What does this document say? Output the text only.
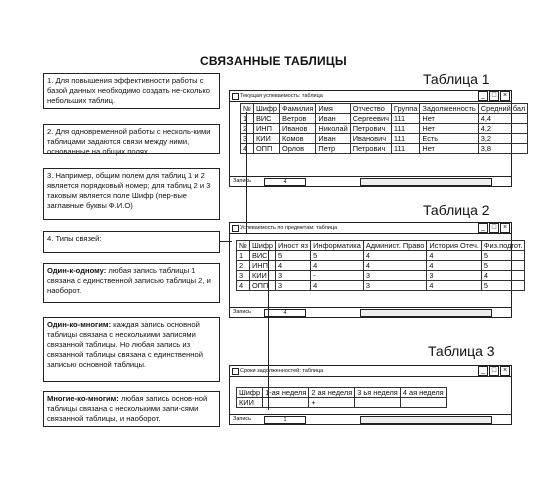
СВЯЗАННЫЕ ТАБЛИЦЫ
1. Для повышения эффективности работы с базой данных необходимо создать не-сколько небольших таблиц.
2. Для одновременной работы с несколь-кими таблицами задаются связи между ними, основанные на общих полях.
3. Например, общим полем для таблиц 1 и 2 является порядковый номер; для таблиц 2 и 3 таковым является поле Шифр (пер-вые заглавные буквы Ф.И.О)
4. Типы связей:
Один-к-одному: любая запись таблицы 1 связана с единственной записью таблицы 2, и наоборот.
Один-ко-многим: каждая запись основной таблицы связана с несколькими записями связанной таблицы. Но любая запись из связанной таблицы связана с единственной записью основной таблицы.
Многие-ко-многим: любая запись основ-ной таблицы связана с несколькими запи-сями связанной таблицы, и наоборот.
Таблица 1
Таблица 2
Таблица 3
Текущая успеваемость: таблица	_ □ ×
№	Шифр	Фамилия	Имя	Отчество	Группа	Задолженность	Средний бал
1	ВИС	Ветров	Иван	Сергеевич	111	Нет	4,4
2	ИНП	Иванов	Николай	Петрович	111	Нет	4,2
3	КИИ	Комов	Иван	Иванович	111	Есть	3,2
4	ОПП	Орлов	Петр	Петрович	111	Нет	3,8
Запись	4
Успеваемость по предметам: таблица	_ □ ×
№	Шифр	Иност яз	Информатика	Админист. Право	История Отеч.	Физ.подгот.
1	ВИС	5	5	4	4	5
2	ИНП	4	4	4	4	5
3	КИИ	3	-	3	3	4
4	ОПП	3	4	3	4	5
Запись	4
Сроки задолженностей: таблица	_ □ ×
Шифр	1-ая неделя	2 ая неделя	3 ья неделя	4 ая неделя
КИИ		+		
Запись	1
